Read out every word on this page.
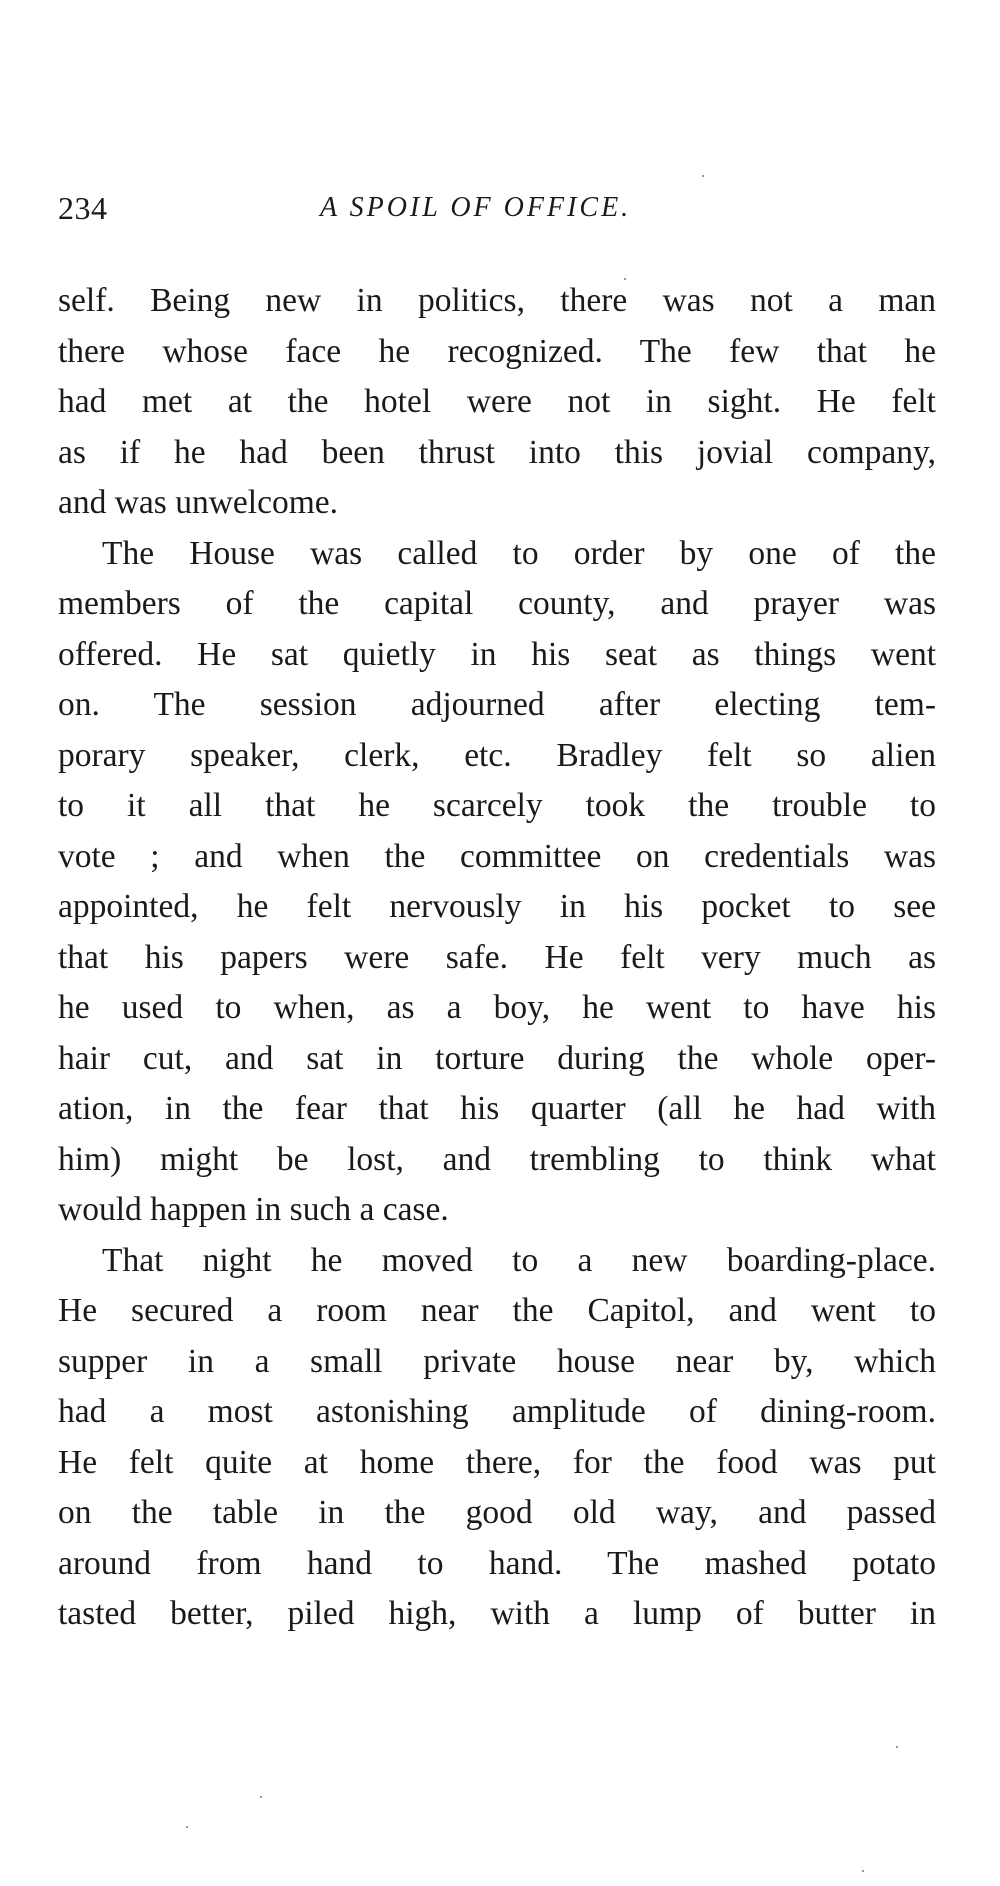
234	A SPOIL OF OFFICE.
self. Being new in politics, there was not a man
there whose face he recognized. The few that he
had met at the hotel were not in sight. He felt
as if he had been thrust into this jovial company,
and was unwelcome.
The House was called to order by one of the
members of the capital county, and prayer was
offered. He sat quietly in his seat as things went
on. The session adjourned after electing tem-
porary speaker, clerk, etc. Bradley felt so alien
to it all that he scarcely took the trouble to
vote ; and when the committee on credentials was
appointed, he felt nervously in his pocket to see
that his papers were safe. He felt very much as
he used to when, as a boy, he went to have his
hair cut, and sat in torture during the whole oper-
ation, in the fear that his quarter (all he had with
him) might be lost, and trembling to think what
would happen in such a case.
That night he moved to a new boarding-place.
He secured a room near the Capitol, and went to
supper in a small private house near by, which
had a most astonishing amplitude of dining-room.
He felt quite at home there, for the food was put
on the table in the good old way, and passed
around from hand to hand. The mashed potato
tasted better, piled high, with a lump of butter in
